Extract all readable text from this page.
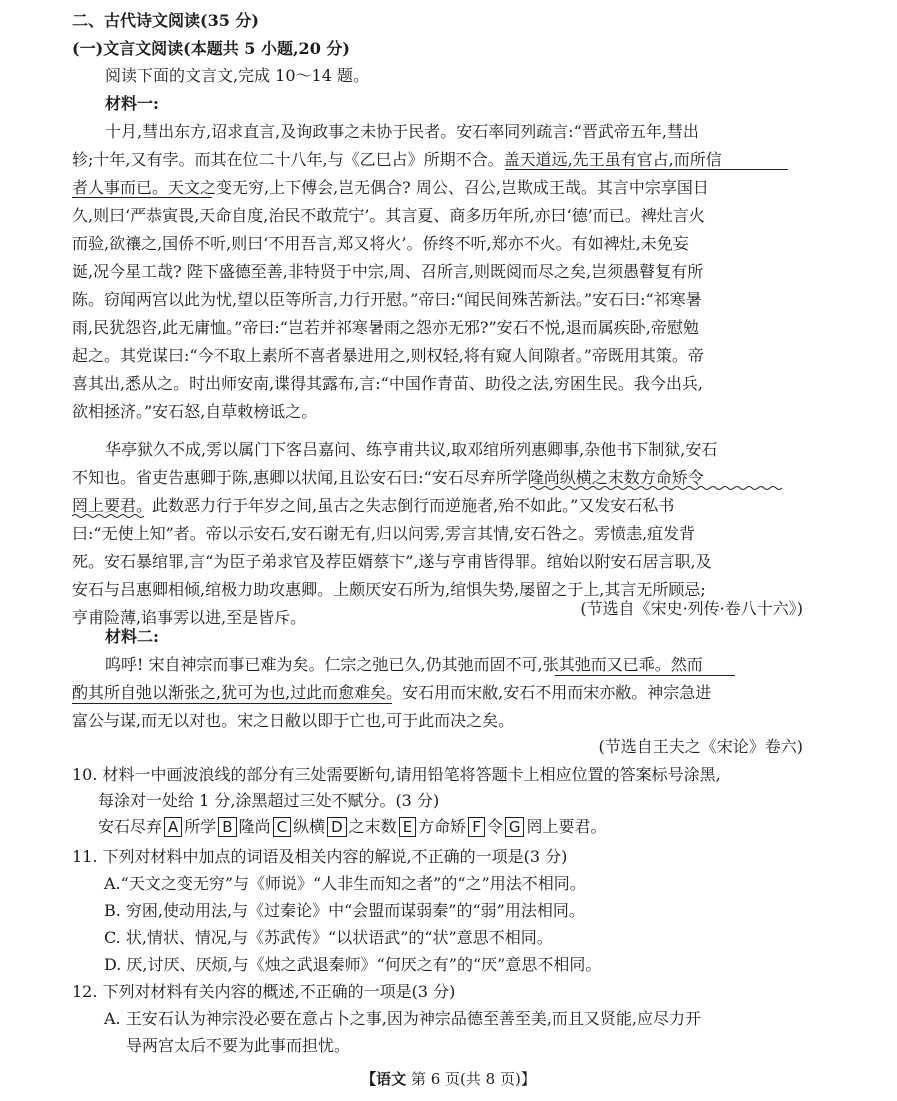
二、古代诗文阅读(35 分)
(一)文言文阅读(本题共 5 小题,20 分)
阅读下面的文言文,完成 10～14 题。
材料一:
十月,彗出东方,诏求直言,及询政事之未协于民者。安石率同列疏言:“晋武帝五年,彗出
轸;十年,又有孛。而其在位二十八年,与《乙巳占》所期不合。盖天道远,先王虽有官占,而所信
者人事而已。天文之变无穷,上下傅会,岂无偶合? 周公、召公,岂欺成王哉。其言中宗享国日
久,则曰‘严恭寅畏,天命自度,治民不敢荒宁’。其言夏、商多历年所,亦曰‘德’而已。裨灶言火
而验,欲禳之,国侨不听,则曰‘不用吾言,郑又将火’。侨终不听,郑亦不火。有如裨灶,未免妄
诞,况今星工哉? 陛下盛德至善,非特贤于中宗,周、召所言,则既阅而尽之矣,岂须愚瞽复有所
陈。窃闻两宫以此为忧,望以臣等所言,力行开慰。”帝曰:“闻民间殊苦新法。”安石曰:“祁寒暑
雨,民犹怨咨,此无庸恤。”帝曰:“岂若并祁寒暑雨之怨亦无邪?”安石不悦,退而属疾卧,帝慰勉
起之。其党谋曰:“今不取上素所不喜者暴进用之,则权轻,将有窥人间隙者。”帝既用其策。帝
喜其出,悉从之。时出师安南,谍得其露布,言:“中国作青苗、助役之法,穷困生民。我今出兵,
欲相拯济。”安石怒,自草敕榜诋之。
华亭狱久不成,雱以属门下客吕嘉问、练亨甫共议,取邓绾所列惠卿事,杂他书下制狱,安石
不知也。省吏告惠卿于陈,惠卿以状闻,且讼安石曰:“安石尽弃所学隆尚纵横之末数方命矫令
罔上要君。此数恶力行于年岁之间,虽古之失志倒行而逆施者,殆不如此。”又发安石私书
曰:“无使上知”者。帝以示安石,安石谢无有,归以问雱,雱言其情,安石咎之。雱愤恚,疽发背
死。安石暴绾罪,言“为臣子弟求官及荐臣婿蔡卞”,遂与亨甫皆得罪。绾始以附安石居言职,及
安石与吕惠卿相倾,绾极力助攻惠卿。上颇厌安石所为,绾惧失势,屡留之于上,其言无所顾忌;
亨甫险薄,谄事雱以进,至是皆斥。	(节选自《宋史·列传·卷八十六》)
材料二:
呜呼! 宋自神宗而事已难为矣。仁宗之弛已久,仍其弛而固不可,张其弛而又已乖。然而
酌其所自弛以渐张之,犹可为也,过此而愈难矣。安石用而宋敝,安石不用而宋亦敝。神宗急进
富公与谋,而无以对也。宋之日敝以即于亡也,可于此而决之矣。
(节选自王夫之《宋论》卷六)
10. 材料一中画波浪线的部分有三处需要断句,请用铅笔将答题卡上相应位置的答案标号涂黑,
每涂对一处给 1 分,涂黑超过三处不赋分。(3 分)
安石尽弃 A 所学 B 隆尚 C 纵横 D 之末数 E 方命矫 F 令 G 罔上要君。
11. 下列对材料中加点的词语及相关内容的解说,不正确的一项是(3 分)
A.“天文之变无穷”与《师说》“人非生而知之者”的“之”用法不相同。
B. 穷困,使动用法,与《过秦论》中“会盟而谋弱秦”的“弱”用法相同。
C. 状,情状、情况,与《苏武传》“以状语武”的“状”意思不相同。
D. 厌,讨厌、厌烦,与《烛之武退秦师》“何厌之有”的“厌”意思不相同。
12. 下列对材料有关内容的概述,不正确的一项是(3 分)
A. 王安石认为神宗没必要在意占卜之事,因为神宗品德至善至美,而且又贤能,应尽力开
导两宫太后不要为此事而担忧。
【语文 第 6 页(共 8 页)】
